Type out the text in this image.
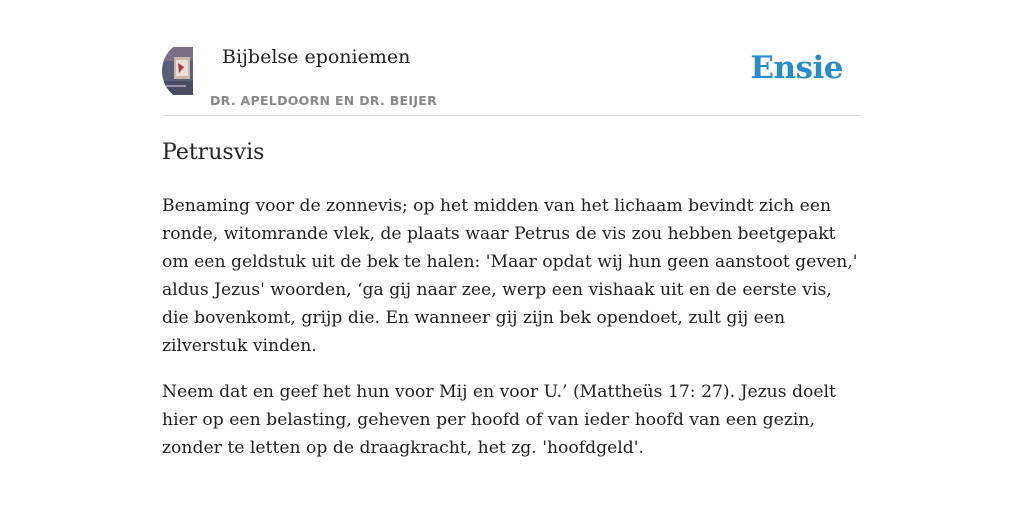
Bijbelse eponiemen
DR. APELDOORN EN DR. BEIJER
Ensie
Petrusvis

Benaming voor de zonnevis; op het midden van het lichaam bevindt zich een ronde, witomrande vlek, de plaats waar Petrus de vis zou hebben beetgepakt om een geldstuk uit de bek te halen: 'Maar opdat wij hun geen aanstoot geven,' aldus Jezus' woorden, ‘ga gij naar zee, werp een vishaak uit en de eerste vis, die bovenkomt, grijp die. En wanneer gij zijn bek opendoet, zult gij een zilverstuk vinden.

Neem dat en geef het hun voor Mij en voor U.’ (Mattheüs 17: 27). Jezus doelt hier op een belasting, geheven per hoofd of van ieder hoofd van een gezin, zonder te letten op de draagkracht, het zg. 'hoofdgeld'.
